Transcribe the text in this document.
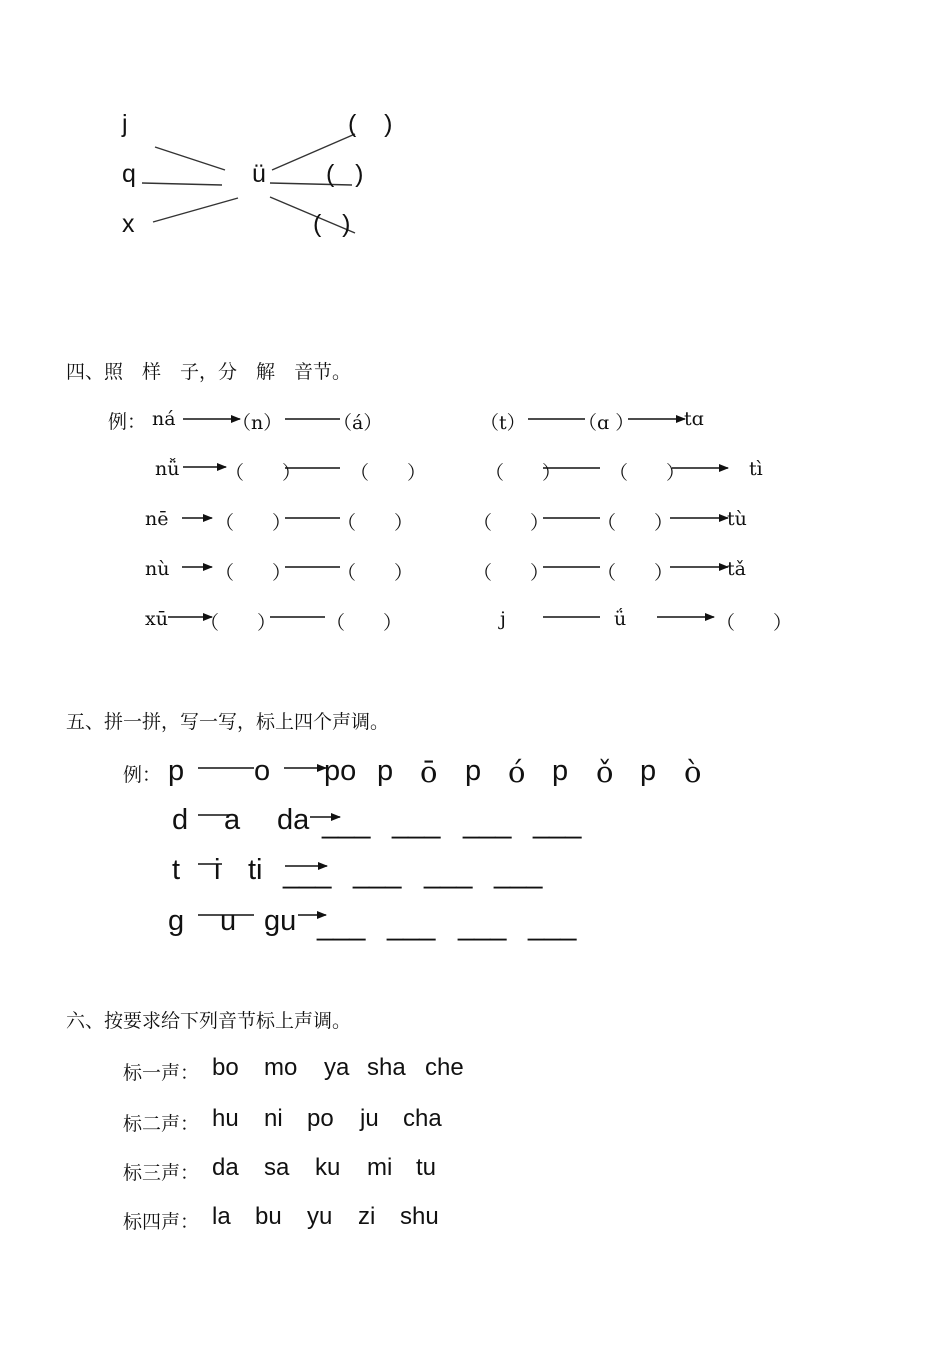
j
q
x
ü
(    )
(   )
(   )
四、照　样　子，分　解　音节。
例： ná	（n）	（á）	（t）	（ɑ ）	tɑ
nǚ （　　）	（　　）	（　　）	（　　）	tì
nē （　　） （　　）	（　　）	（　　）	tù
nù （　　） （　　）	（　　）	（　　）	tǎ
xū （　　）	（　　）	j	ǘ	（　　）
五、拼一拼，写一写，标上四个声调。
例： p o po p ō p ó p ǒ p ò
d a da ___ ___ ___ ___
t i ti ___ ___ ___ ___
g u gu ___ ___ ___ ___
六、按要求给下列音节标上声调。
标一声： bo mo ya sha che
标二声： hu ni po ju cha
标三声： da sa ku mi tu
标四声： la bu yu zi shu
